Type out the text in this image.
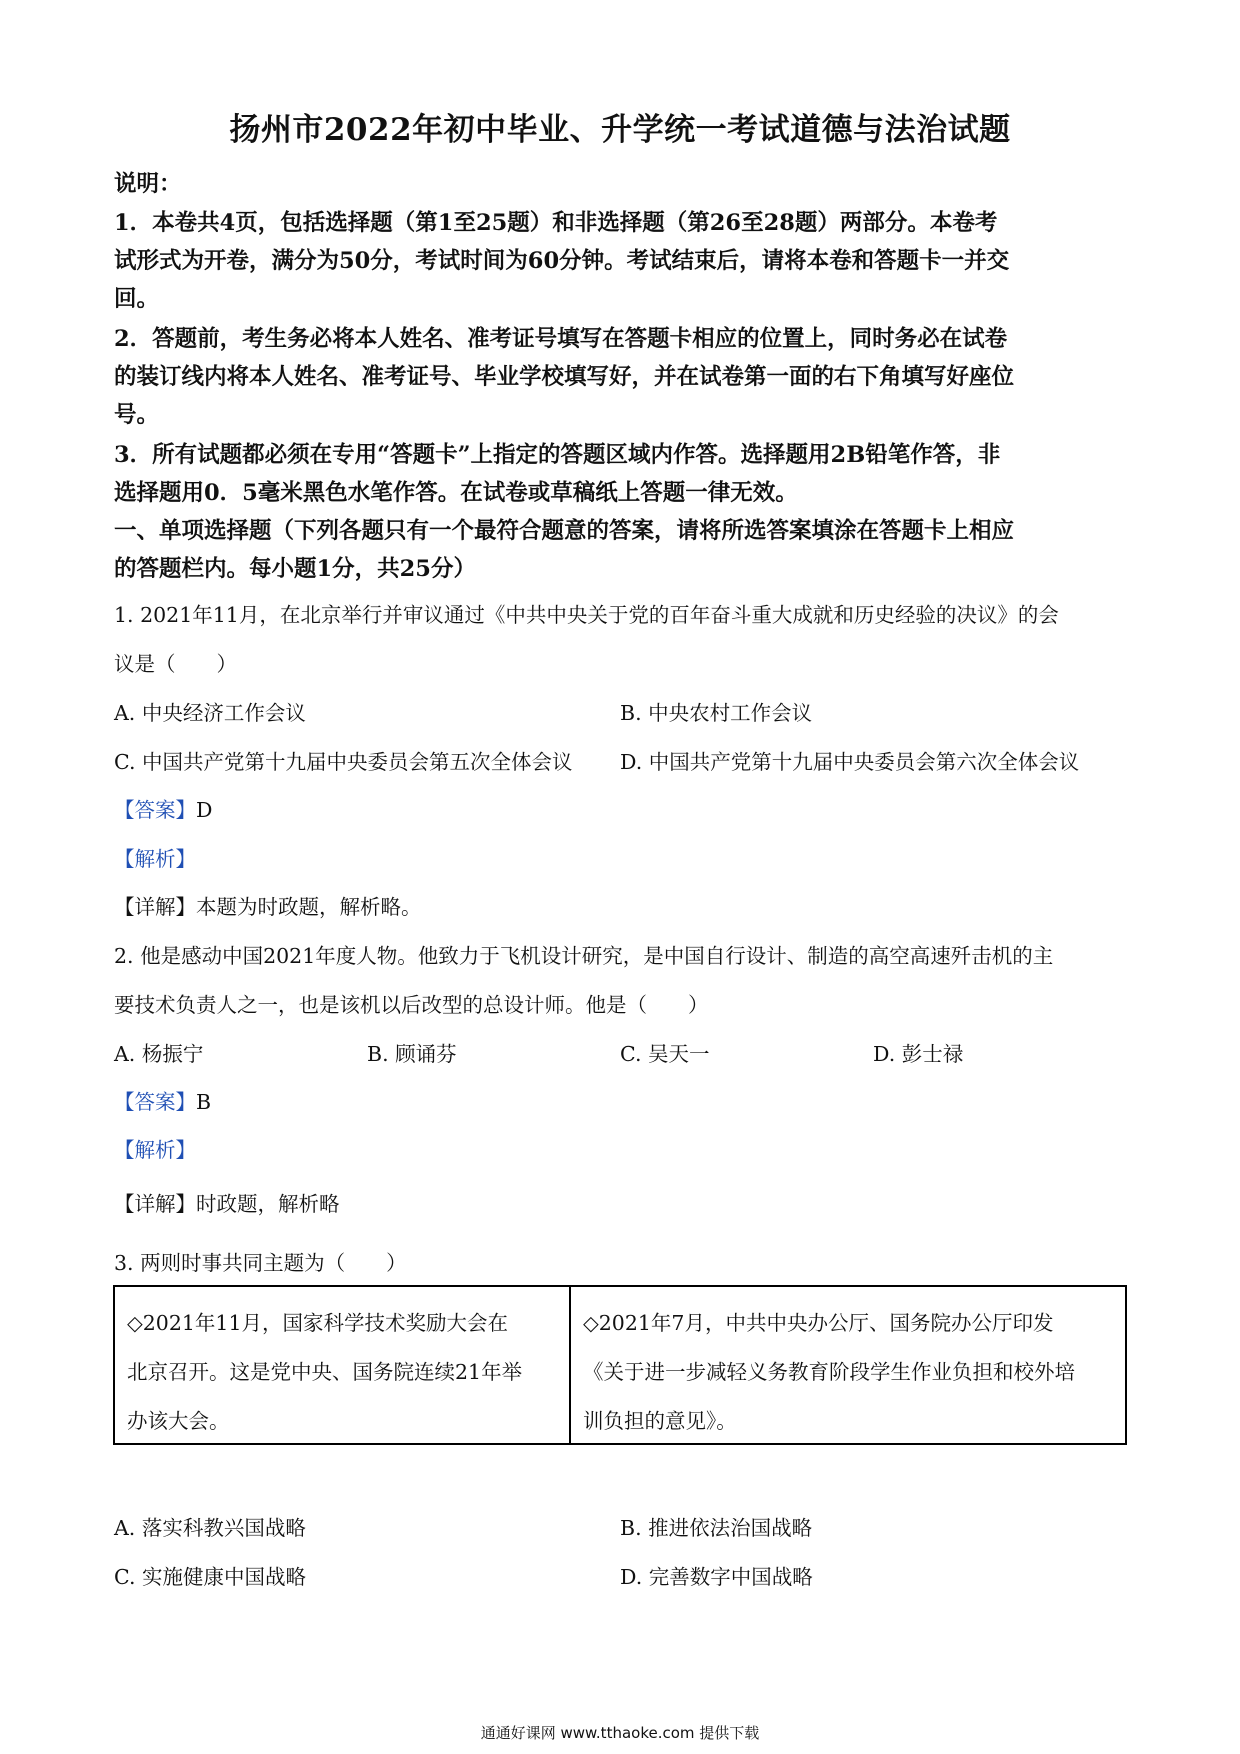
扬州市2022年初中毕业、升学统一考试道德与法治试题
说明：
1．本卷共4页，包括选择题（第1至25题）和非选择题（第26至28题）两部分。本卷考
试形式为开卷，满分为50分，考试时间为60分钟。考试结束后，请将本卷和答题卡一并交
回。
2．答题前，考生务必将本人姓名、准考证号填写在答题卡相应的位置上，同时务必在试卷
的装订线内将本人姓名、准考证号、毕业学校填写好，并在试卷第一面的右下角填写好座位
号。
3．所有试题都必须在专用“答题卡”上指定的答题区域内作答。选择题用2B铅笔作答，非
选择题用0．5毫米黑色水笔作答。在试卷或草稿纸上答题一律无效。
一、单项选择题（下列各题只有一个最符合题意的答案，请将所选答案填涂在答题卡上相应
的答题栏内。每小题1分，共25分）
1. 2021年11月，在北京举行并审议通过《中共中央关于党的百年奋斗重大成就和历史经验的决议》的会
议是（　　）
A. 中央经济工作会议	B. 中央农村工作会议
C. 中国共产党第十九届中央委员会第五次全体会议 D. 中国共产党第十九届中央委员会第六次全体会议
【答案】D
【解析】
【详解】本题为时政题，解析略。
2. 他是感动中国2021年度人物。他致力于飞机设计研究，是中国自行设计、制造的高空高速歼击机的主
要技术负责人之一，也是该机以后改型的总设计师。他是（　　）
A. 杨振宁	B. 顾诵芬	C. 吴天一	D. 彭士禄
【答案】B
【解析】
【详解】时政题，解析略
3. 两则时事共同主题为（　　）
◇2021年11月，国家科学技术奖励大会在
北京召开。这是党中央、国务院连续21年举
办该大会。
◇2021年7月，中共中央办公厅、国务院办公厅印发
《关于进一步减轻义务教育阶段学生作业负担和校外培
训负担的意见》。
A. 落实科教兴国战略	B. 推进依法治国战略
C. 实施健康中国战略	D. 完善数字中国战略
通通好课网 www.tthaoke.com 提供下载
